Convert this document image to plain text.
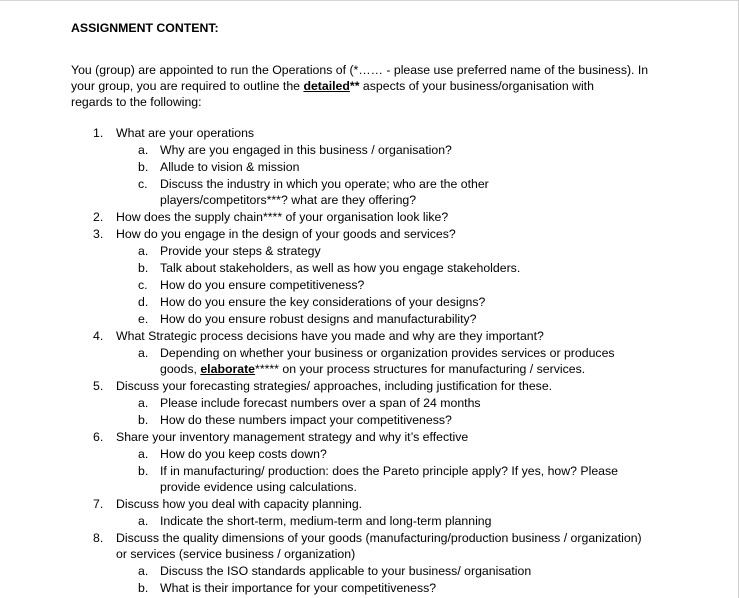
ASSIGNMENT CONTENT:

You (group) are appointed to run the Operations of (*…… - please use preferred name of the business). In

your group, you are required to outline the detailed** aspects of your business/organisation with

regards to the following:

1. What are your operations
a. Why are you engaged in this business / organisation?
b. Allude to vision & mission
c. Discuss the industry in which you operate; who are the other
players/competitors***? what are they offering?
2. How does the supply chain**** of your organisation look like?
3. How do you engage in the design of your goods and services?
a. Provide your steps & strategy
b. Talk about stakeholders, as well as how you engage stakeholders.
c. How do you ensure competitiveness?
d. How do you ensure the key considerations of your designs?
e. How do you ensure robust designs and manufacturability?
4. What Strategic process decisions have you made and why are they important?
a. Depending on whether your business or organization provides services or produces
goods, elaborate***** on your process structures for manufacturing / services.
5. Discuss your forecasting strategies/ approaches, including justification for these.
a. Please include forecast numbers over a span of 24 months
b. How do these numbers impact your competitiveness?
6. Share your inventory management strategy and why it’s effective
a. How do you keep costs down?
b. If in manufacturing/ production: does the Pareto principle apply? If yes, how? Please
provide evidence using calculations.
7. Discuss how you deal with capacity planning.
a. Indicate the short-term, medium-term and long-term planning
8. Discuss the quality dimensions of your goods (manufacturing/production business / organization)
or services (service business / organization)
a. Discuss the ISO standards applicable to your business/ organisation
b. What is their importance for your competitiveness?
